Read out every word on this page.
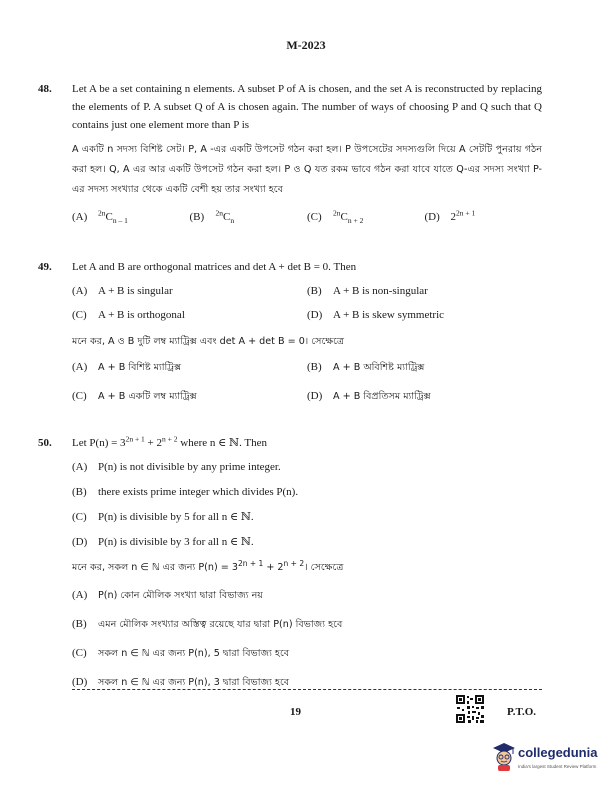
M-2023
48. Let A be a set containing n elements. A subset P of A is chosen, and the set A is reconstructed by replacing the elements of P. A subset Q of A is chosen again. The number of ways of choosing P and Q such that Q contains just one element more than P is
A একটি n সদস্য বিশিষ্ট সেট। P, A -এর একটি উপসেট গঠন করা হল। P উপসেটের সদস্যগুলি দিয়ে A সেটটি পুনরায় গঠন করা হল। Q, A এর আর একটি উপসেট গঠন করা হল। P ও Q যত রকম ভাবে গঠন করা যাবে যাতে Q-এর সদস্য সংখ্যা P-এর সদস্য সংখ্যার থেকে একটি বেশী হয় তার সংখ্যা হবে
(A)	$^{2n}C_{n - 1}$	(B)	$^{2n}C_n$	(C)	$^{2n}C_{n + 2}$	(D) $2^{2n + 1}$
49. Let A and B are orthogonal matrices and det A + det B = 0. Then
(A) A + B is singular	(B)	A + B is non-singular
(C)	A + B is orthogonal	(D) A + B is skew symmetric
মনে কর, A ও B দুটি লম্ব ম্যাট্রিক্স এবং det A + det B = 0। সেক্ষেত্রে
(A)	A + B বিশিষ্ট ম্যাট্রিক্স	(B)	A + B অবিশিষ্ট ম্যাট্রিক্স
(C)	A + B একটি লম্ব ম্যাট্রিক্স	(D)	A + B বিপ্রতিসম ম্যাট্রিক্স
50. Let $P(n) = 3^{2n + 1} + 2^{n + 2}$ where n ∈ ℕ. Then
(A) P(n) is not divisible by any prime integer.
(B)	there exists prime integer which divides P(n).
(C)	P(n) is divisible by 5 for all n ∈ ℕ.
(D) P(n) is divisible by 3 for all n ∈ ℕ.
মনে কর, সকল n ∈ ℕ এর জন্য $P(n) = 3^{2n + 1}$ + $2^{n + 2}।$ সেক্ষেত্রে
(A)	P(n) কোন মৌলিক সংখ্যা দ্বারা বিভাজ্য নয়
(B)	এমন মৌলিক সংখ্যার অস্তিত্ব রয়েছে যার দ্বারা P(n) বিভাজ্য হবে
(C)	সকল n ∈ ℕ এর জন্য P(n), 5 দ্বারা বিভাজ্য হবে
(D)	সকল n ∈ ℕ এর জন্য P(n), 3 দ্বারা বিভাজ্য হবে
19	P.T.O.
collegedunia
India's largest Student Review Platform
